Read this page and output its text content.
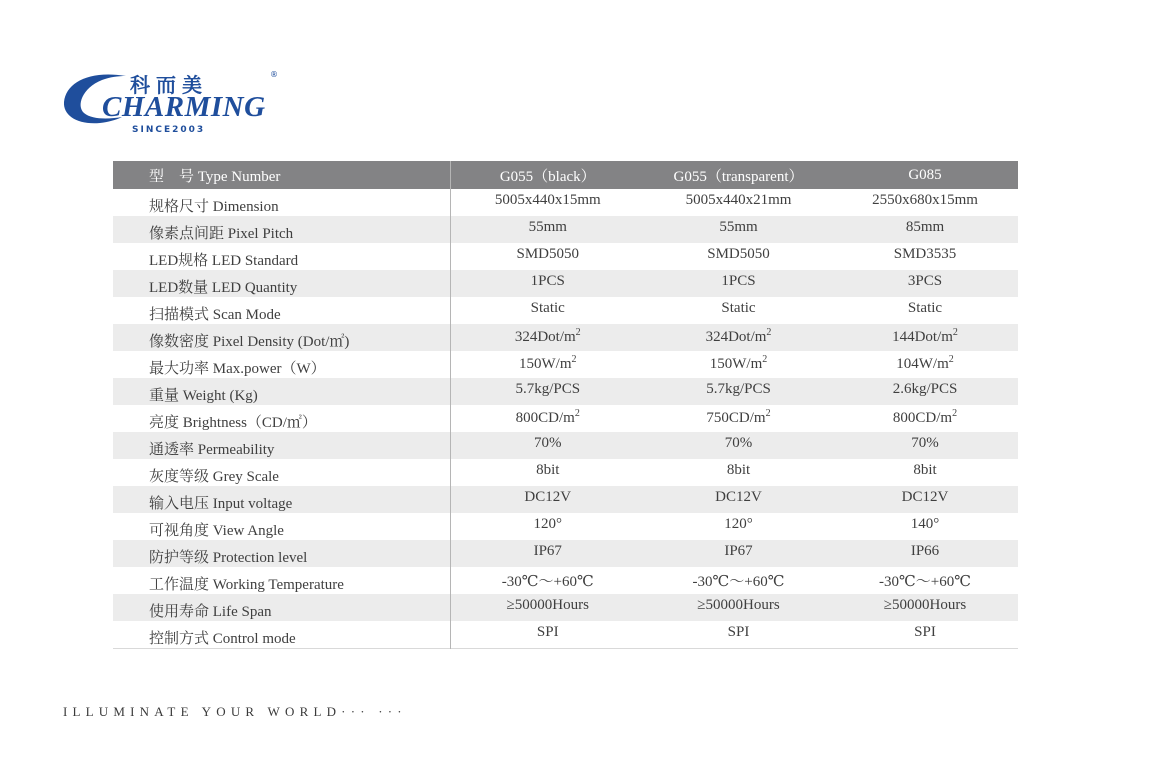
科而美	®
CHARMING
SINCE2003
型　号 Type Number	G055（black）	G055（transparent）	G085
规格尺寸 Dimension	5005x440x15mm	5005x440x21mm	2550x680x15mm
像素点间距 Pixel Pitch	55mm	55mm	85mm
LED规格 LED Standard	SMD5050	SMD5050	SMD3535
LED数量 LED Quantity	1PCS	1PCS	3PCS
扫描模式 Scan Mode	Static	Static	Static
像数密度 Pixel Density (Dot/㎡)	$324Dot/m^2$	$324Dot/m^2$	$144Dot/m^2$
最大功率 Max.power（W）	$150W/m^2$	$150W/m^2$	$104W/m^2$
重量 Weight (Kg)	5.7kg/PCS	5.7kg/PCS	2.6kg/PCS
亮度 Brightness（CD/㎡）	$800CD/m^2$	$750CD/m^2$	$800CD/m^2$
通透率 Permeability	70%	70%	70%
灰度等级 Grey Scale	8bit	8bit	8bit
输入电压 Input voltage	DC12V	DC12V	DC12V
可视角度 View Angle	120°	120°	140°
防护等级 Protection level	IP67	IP67	IP66
工作温度 Working Temperature	-30℃～+60℃	-30℃～+60℃	-30℃～+60℃
使用寿命 Life Span	≥50000Hours	≥50000Hours	≥50000Hours
控制方式 Control mode	SPI	SPI	SPI
ILLUMINATE YOUR WORLD··· ···
